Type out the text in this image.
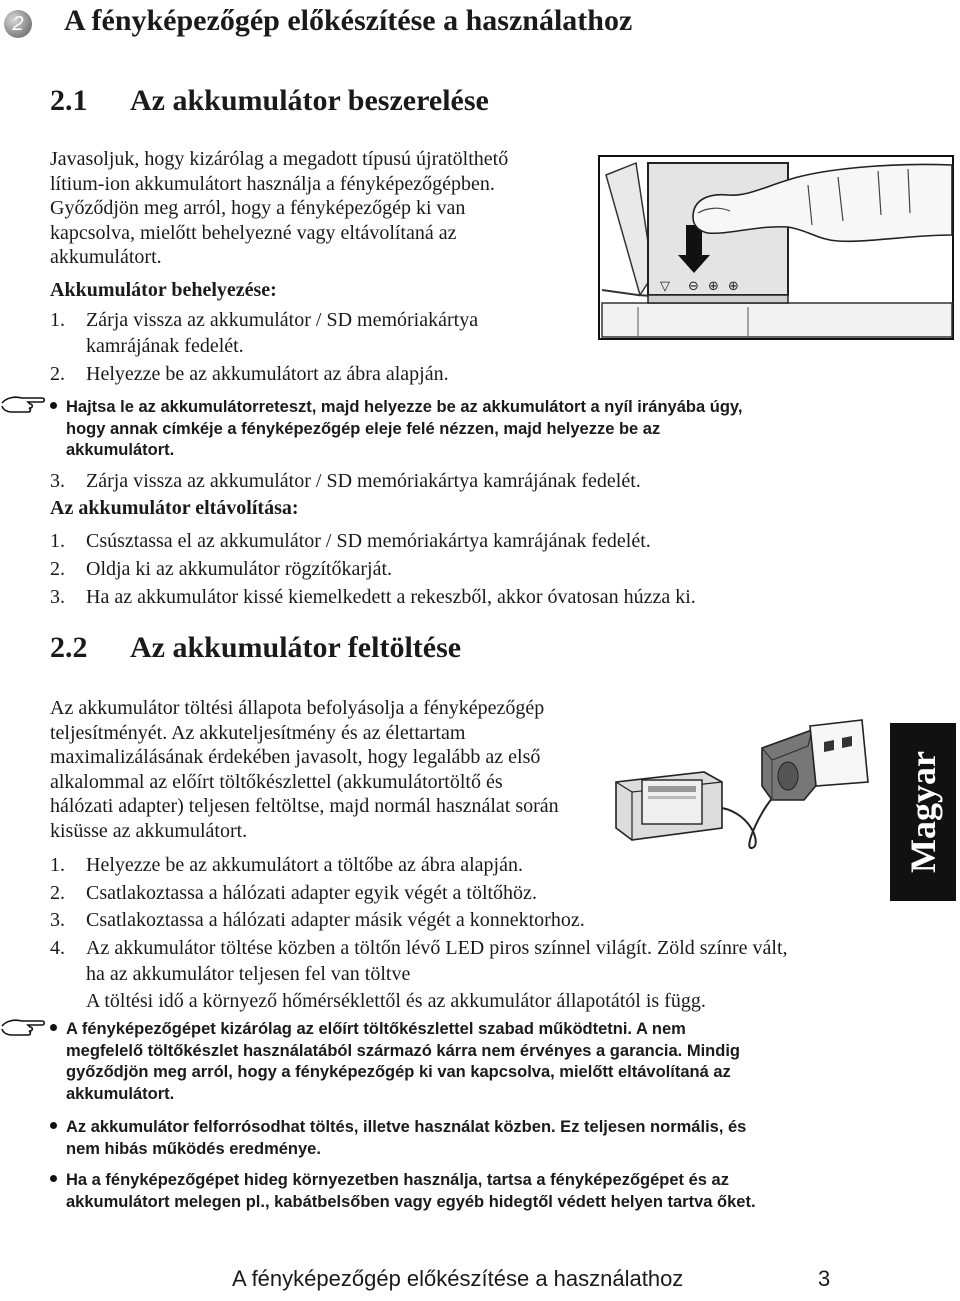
2 A fényképezőgép előkészítése a használathoz
2.1 Az akkumulátor beszerelése
Javasoljuk, hogy kizárólag a megadott típusú újratölthető
lítium-ion akkumulátort használja a fényképezőgépben.
Győződjön meg arról, hogy a fényképezőgép ki van
kapcsolva, mielőtt behelyezné vagy eltávolítaná az
akkumulátort.
Akkumulátor behelyezése:
1. Zárja vissza az akkumulátor / SD memóriakártya
kamrájának fedelét.
2. Helyezze be az akkumulátort az ábra alapján.
▽ ⊖ ⊕ ⊕
Hajtsa le az akkumulátorreteszt, majd helyezze be az akkumulátort a nyíl irányába úgy,
hogy annak címkéje a fényképezőgép eleje felé nézzen, majd helyezze be az
akkumulátort.
3. Zárja vissza az akkumulátor / SD memóriakártya kamrájának fedelét.
Az akkumulátor eltávolítása:
1. Csúsztassa el az akkumulátor / SD memóriakártya kamrájának fedelét.
2. Oldja ki az akkumulátor rögzítőkarját.
3. Ha az akkumulátor kissé kiemelkedett a rekeszből, akkor óvatosan húzza ki.
2.2 Az akkumulátor feltöltése
Az akkumulátor töltési állapota befolyásolja a fényképezőgép
teljesítményét. Az akkuteljesítmény és az élettartam
maximalizálásának érdekében javasolt, hogy legalább az első
alkalommal az előírt töltőkészlettel (akkumulátortöltő és
hálózati adapter) teljesen feltöltse, majd normál használat során
kisüsse az akkumulátort.
1. Helyezze be az akkumulátort a töltőbe az ábra alapján.
2. Csatlakoztassa a hálózati adapter egyik végét a töltőhöz.
3. Csatlakoztassa a hálózati adapter másik végét a konnektorhoz.
4. Az akkumulátor töltése közben a töltőn lévő LED piros színnel világít. Zöld színre vált,
ha az akkumulátor teljesen fel van töltve
A töltési idő a környező hőmérséklettől és az akkumulátor állapotától is függ.
A fényképezőgépet kizárólag az előírt töltőkészlettel szabad működtetni. A nem
megfelelő töltőkészlet használatából származó kárra nem érvényes a garancia. Mindig
győződjön meg arról, hogy a fényképezőgép ki van kapcsolva, mielőtt eltávolítaná az
akkumulátort.
Az akkumulátor felforrósodhat töltés, illetve használat közben. Ez teljesen normális, és
nem hibás működés eredménye.
Ha a fényképezőgépet hideg környezetben használja, tartsa a fényképezőgépet és az
akkumulátort melegen pl., kabátbelsőben vagy egyéb hidegtől védett helyen tartva őket.
Magyar
A fényképezőgép előkészítése a használathoz	3
